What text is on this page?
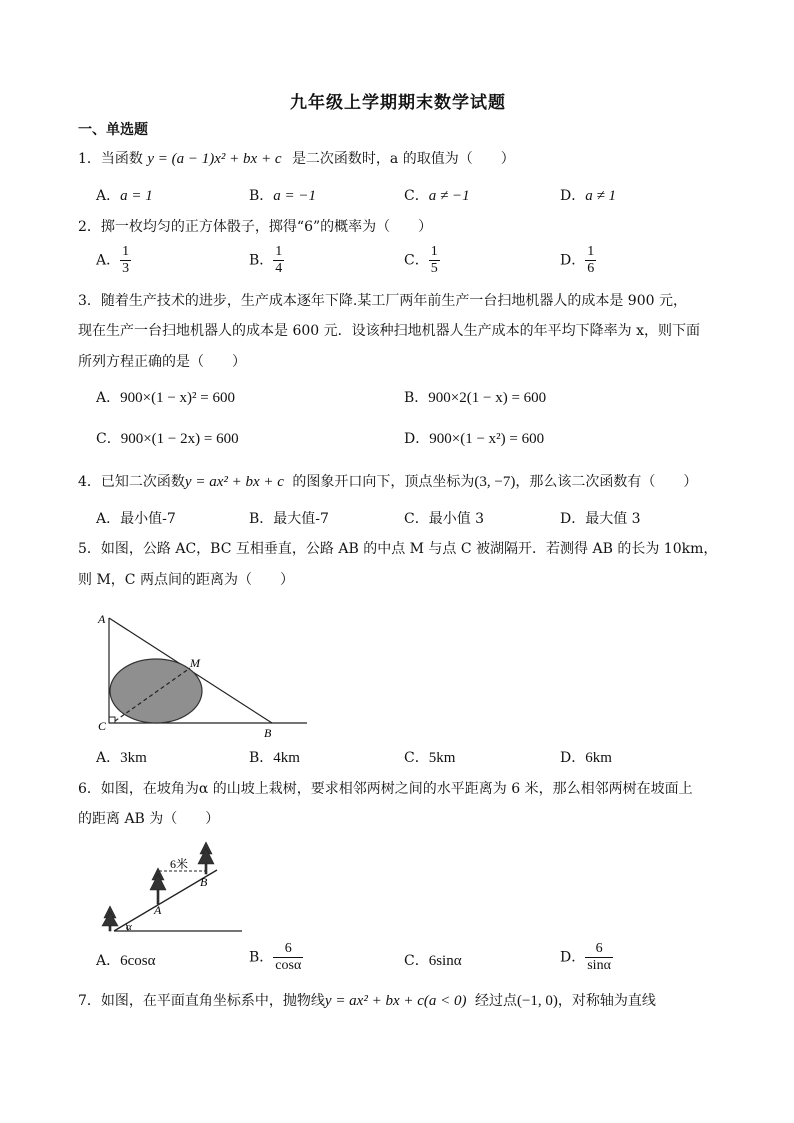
九年级上学期期末数学试题
一、单选题
1．当函数 y = (a − 1)x² + bx + c 是二次函数时，a 的取值为（　　）
A．a = 1	B．a = −1	C．a ≠ −1	D．a ≠ 1
2．掷一枚均匀的正方体骰子，掷得“6”的概率为（　　）
A． $\frac{1}{3}$	B． $\frac{1}{4}$	C． $\frac{1}{5}$	D． $\frac{1}{6}$
3．随着生产技术的进步，生产成本逐年下降.某工厂两年前生产一台扫地机器人的成本是 900 元，
现在生产一台扫地机器人的成本是 600 元．设该种扫地机器人生产成本的年平均下降率为 x，则下面
所列方程正确的是（　　）
A．900×(1 − x)² = 600	B．900×2(1 − x) = 600
C．900×(1 − 2x) = 600	D．900×(1 − x²) = 600
4．已知二次函数y = ax² + bx + c 的图象开口向下，顶点坐标为(3, −7)，那么该二次函数有（　　）
A．最小值-7	B．最大值-7	C．最小值 3	D．最大值 3
5．如图，公路 AC，BC 互相垂直，公路 AB 的中点 M 与点 C 被湖隔开．若测得 AB 的长为 10km，
则 M，C 两点间的距离为（　　）
A
M
C	B
A．3km	B．4km	C．5km	D．6km
6．如图，在坡角为α 的山坡上栽树，要求相邻两树之间的水平距离为 6 米，那么相邻两树在坡面上
的距离 AB 为（　　）
6米
B
A
α
A．6cosα	B． $\frac{6}{\cos\alpha}$	C．6sinα	D． $\frac{6}{\sin\alpha}$
7．如图，在平面直角坐标系中，抛物线y = ax² + bx + c(a < 0) 经过点(−1, 0)，对称轴为直线
